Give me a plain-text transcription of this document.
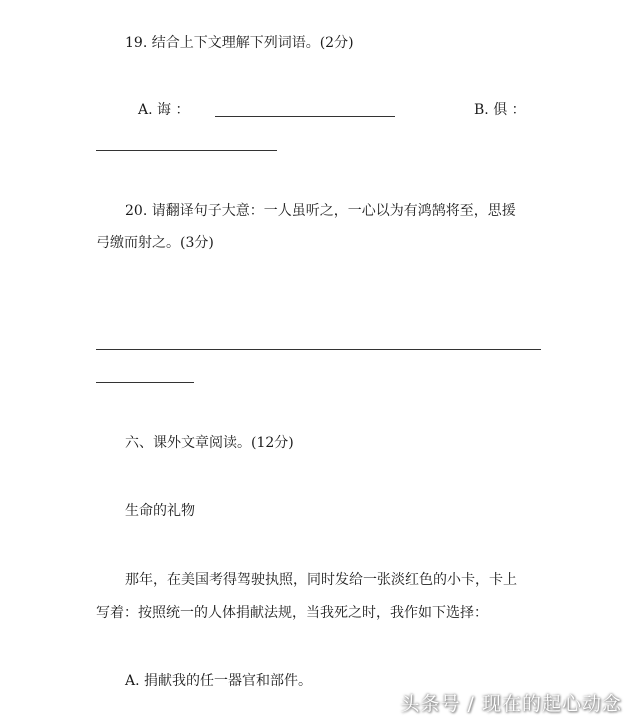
19. 结合上下文理解下列词语。(2分)
A. 诲 ：	B. 俱 ：
20. 请翻译句子大意：一人虽听之，一心以为有鸿鹄将至，思援
弓缴而射之。(3分)
六、课外文章阅读。(12分)
生命的礼物
那年，在美国考得驾驶执照，同时发给一张淡红色的小卡，卡上
写着：按照统一的人体捐献法规，当我死之时，我作如下选择：
A. 捐献我的任一器官和部件。
头条号 / 现在的起心动念
